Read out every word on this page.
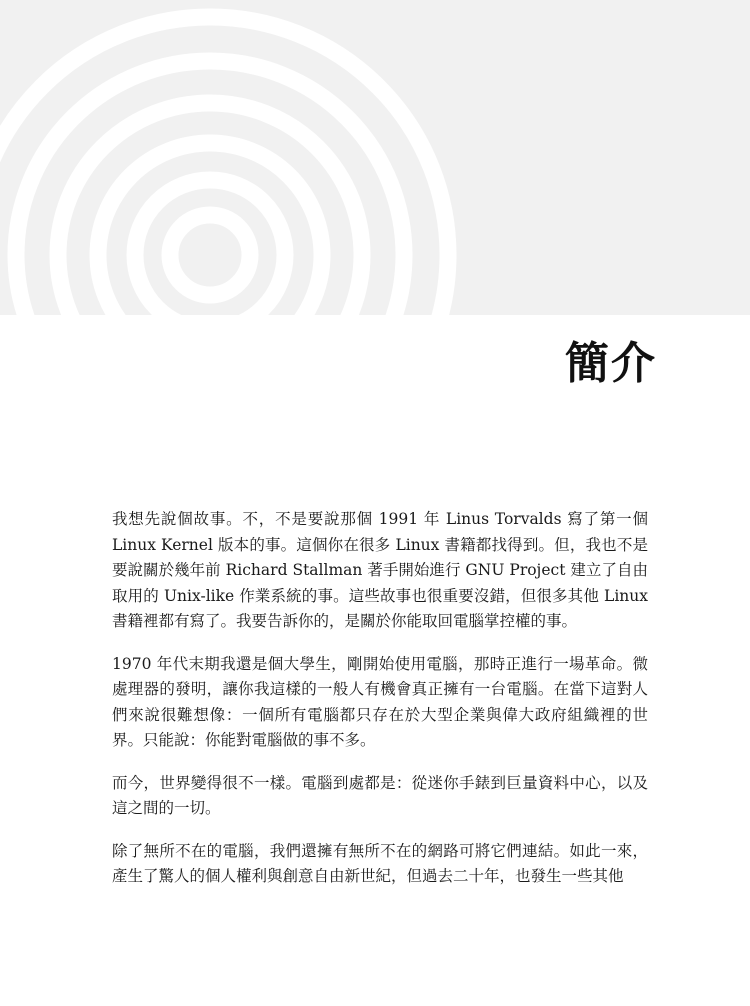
簡介

我想先說個故事。不，不是要說那個 1991 年 Linus Torvalds 寫了第一個 Linux Kernel 版本的事。這個你在很多 Linux 書籍都找得到。但，我也不是要說關於幾年前 Richard Stallman 著手開始進行 GNU Project 建立了自由取用的 Unix-like 作業系統的事。這些故事也很重要沒錯，但很多其他 Linux 書籍裡都有寫了。我要告訴你的，是關於你能取回電腦掌控權的事。

1970 年代末期我還是個大學生，剛開始使用電腦，那時正進行一場革命。微處理器的發明，讓你我這樣的一般人有機會真正擁有一台電腦。在當下這對人們來說很難想像：一個所有電腦都只存在於大型企業與偉大政府組織裡的世界。只能說：你能對電腦做的事不多。

而今，世界變得很不一樣。電腦到處都是：從迷你手錶到巨量資料中心，以及這之間的一切。

除了無所不在的電腦，我們還擁有無所不在的網路可將它們連結。如此一來，產生了驚人的個人權利與創意自由新世紀，但過去二十年，也發生一些其他
